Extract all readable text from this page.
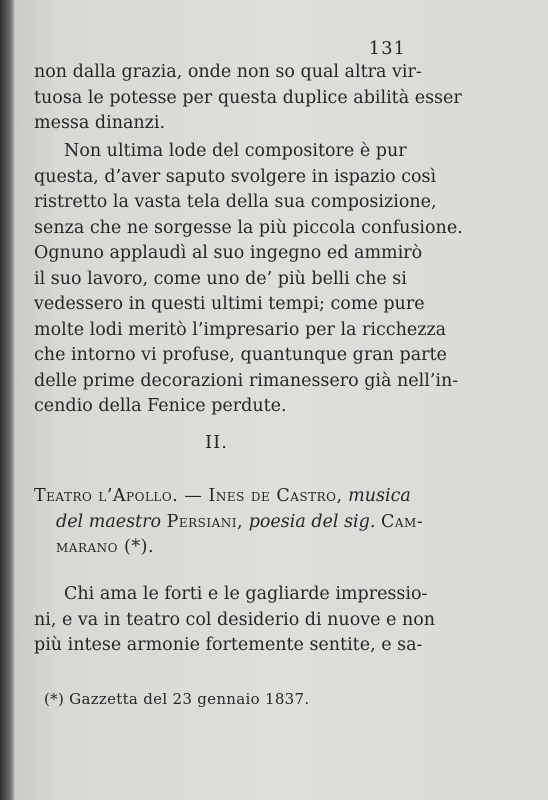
131
non dalla grazia, onde non so qual altra vir-
tuosa le potesse per questa duplice abilità esser
messa dinanzi.
Non ultima lode del compositore è pur
questa, d’aver saputo svolgere in ispazio così
ristretto la vasta tela della sua composizione,
senza che ne sorgesse la più piccola confusione.
Ognuno applaudì al suo ingegno ed ammirò
il suo lavoro, come uno de’ più belli che si
vedessero in questi ultimi tempi; come pure
molte lodi meritò l’impresario per la ricchezza
che intorno vi profuse, quantunque gran parte
delle prime decorazioni rimanessero già nell’in-
cendio della Fenice perdute.
II.
Teatro l’Apollo. — Ines de Castro, musica
del maestro Persiani, poesia del sig. Cam-
marano (*).
Chi ama le forti e le gagliarde impressio-
ni, e va in teatro col desiderio di nuove e non
più intese armonie fortemente sentite, e sa-
(*) Gazzetta del 23 gennaio 1837.
